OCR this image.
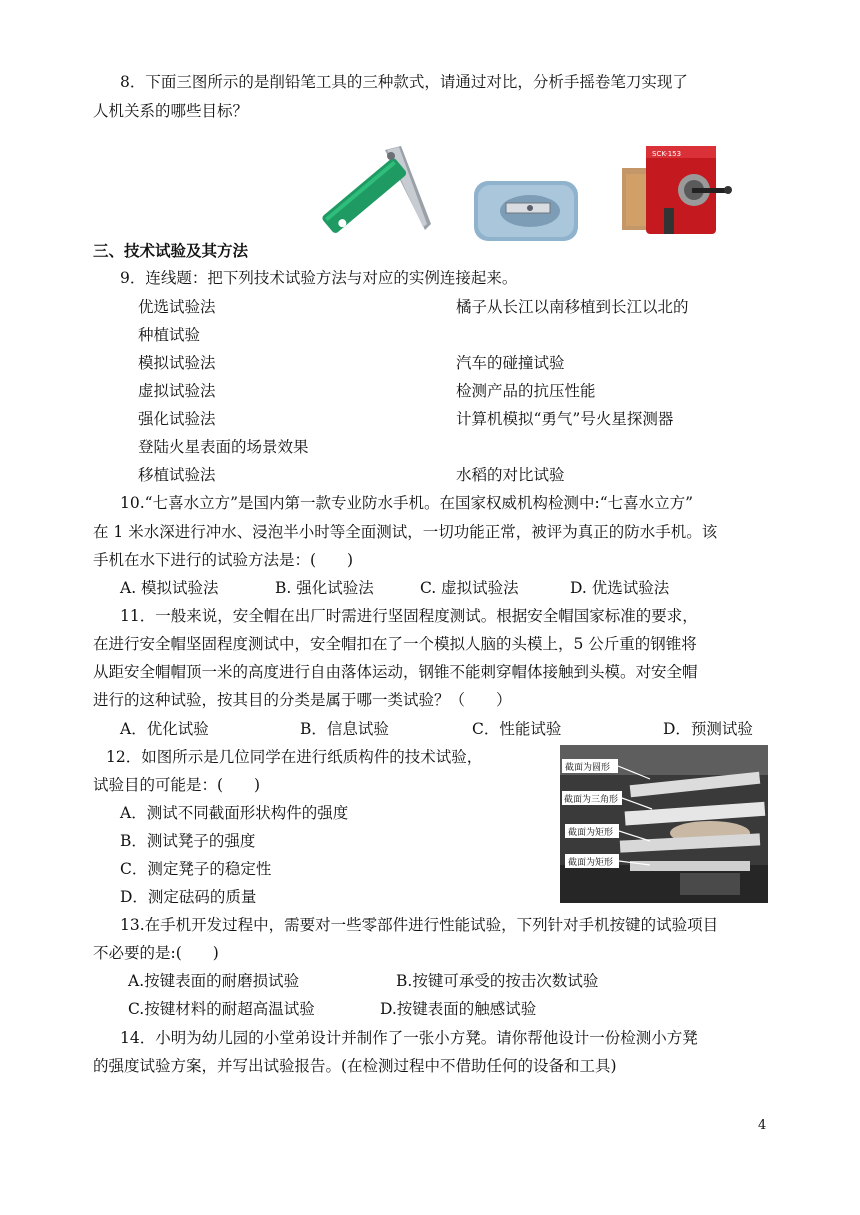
8．下面三图所示的是削铅笔工具的三种款式，请通过对比，分析手摇卷笔刀实现了
人机关系的哪些目标？
SCK-153
三、技术试验及其方法
9．连线题：把下列技术试验方法与对应的实例连接起来。
优选试验法	橘子从长江以南移植到长江以北的
种植试验
模拟试验法	汽车的碰撞试验
虚拟试验法	检测产品的抗压性能
强化试验法	计算机模拟“勇气”号火星探测器
登陆火星表面的场景效果
移植试验法	水稻的对比试验
10.“七喜水立方”是国内第一款专业防水手机。在国家权威机构检测中:“七喜水立方”
在 1 米水深进行冲水、浸泡半小时等全面测试，一切功能正常，被评为真正的防水手机。该
手机在水下进行的试验方法是：(　　)
A. 模拟试验法	B. 强化试验法	C. 虚拟试验法	D. 优选试验法
11．一般来说，安全帽在出厂时需进行坚固程度测试。根据安全帽国家标准的要求，
在进行安全帽坚固程度测试中，安全帽扣在了一个模拟人脑的头模上，5 公斤重的钢锥将
从距安全帽帽顶一米的高度进行自由落体运动，钢锥不能刺穿帽体接触到头模。对安全帽
进行的这种试验，按其目的分类是属于哪一类试验？（　　）
A．优化试验	B．信息试验	C．性能试验	D．预测试验
12．如图所示是几位同学在进行纸质构件的技术试验，
试验目的可能是：(　　)
A．测试不同截面形状构件的强度
B．测试凳子的强度
C．测定凳子的稳定性
D．测定砝码的质量
截面为圆形
截面为三角形
截面为矩形
截面为矩形
13.在手机开发过程中，需要对一些零部件进行性能试验，下列针对手机按键的试验项目
不必要的是:(　　)
A.按键表面的耐磨损试验	B.按键可承受的按击次数试验
C.按键材料的耐超高温试验	D.按键表面的触感试验
14．小明为幼儿园的小堂弟设计并制作了一张小方凳。请你帮他设计一份检测小方凳
的强度试验方案，并写出试验报告。(在检测过程中不借助任何的设备和工具)
4
